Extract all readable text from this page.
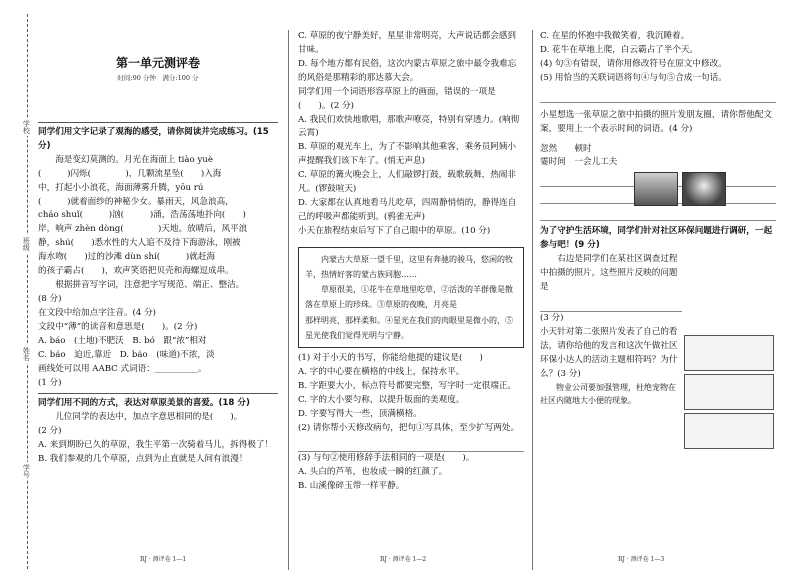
学校
班级
姓名
学号
第一单元测评卷
时间:90 分钟　满分:100 分
同学们用文字记录了观海的感受，请你阅读并完成练习。(15 分)

海是变幻莫测的。月光在海面上 tiào yuè

(　　　)闪烁(　　　　)，几颗流星坠(　　)入海

中，打起小小浪花，海面薄雾升腾，yōu rú

(　　　)就着面纱的神秘少女。暴雨天，风急浪高，

cháo shuǐ(　　　)汹(　　　)涌，浩荡荡地扑向(　　)

岸，响声 zhèn dòng(　　　　)天地。放晴后，风平浪

静，shú(　　)悉水性的大人追不及待下海游泳，刚被

海水吻(　　)过的沙滩 dùn shí(　　　)就赶海

的孩子霸占(　　)，欢声笑语把贝壳和海螺逗成串。

根据拼音写字词，注意把字写规范、端正、整洁。

(8 分)

在文段中给加点字注音。(4 分)

文段中“薄”的读音和意思是(　　)。(2 分)

A. báo　(土地)不肥沃　B. bó　跟“浓”相对

C. báo　迫近,靠近　D. báo　(味道)不浓，淡

画线处可以用 AABC 式词语：__________。

(1 分)

同学们用不同的方式，表达对草原美景的喜爱。(18 分)

儿位同学的表达中，加点字意思相同的是(　　)。

(2 分)

A. 来到期盼已久的草原，我生平第一次骑着马儿，拆得极了！

B. 我们参观的几个草原，点到为止直就是人间有浪漫！

RJ · 测评卷 1—1

C. 草原的夜宁静美好，星星非常明亮，大声说话都会感到甘味。

D. 每个地方都有民俗，这次内蒙古草原之旅中最令我难忘的风俗是那精彩的那达慕大会。

同学们用一个词语形容草原上的画面，错误的一项是(　　)。(2 分)

A. 我民们欢快地歌唱，那歌声嘹亮，特别有穿透力。(响彻云霄)

B. 草原的观光车上，为了不影响其他乘客，乘务员阿姨小声提醒我们该下车了。(悄无声息)

C. 草原的篝火晚会上，人们敲锣打鼓，载歌载舞，热闹非凡。(锣鼓喧天)

D. 大家都在认真地看马儿吃草，四周静悄悄的，静得连自己的呼吸声都能听到。(鸦雀无声)

小天在旅程结束后写下了自己眼中的草原。(10 分)

内蒙古大草原一望千里，这里有奔驰的骏马，悠闲的牧羊，热情好客的蒙古族同胞……

草原很美，①花牛在草地里吃草，②活泼的羊群像是散落在草原上的珍珠。③草原的夜晚，月亮是

那样明亮，那样柔和。④星光在我们的肉眼里是微小的，⑤星光使我们觉得光明与宁静。

(1) 对于小天的书写，你能给他提的建议是(　　)

A. 字的中心要在横格的中线上，保持水平。

B. 字距要大小，标点符号都要完整，写字时一定很端正。

C. 字的大小要匀称，以提升版面的美观度。

D. 字要写得大一些，顶满横格。

(2) 请你帮小天修改病句，把句①写具体，至少扩写两处。

(3) 与句②使用修辞手法相同的一项是(　　)。

A. 头白的芦苇，也妆成一瞬的红颜了。

B. 山溪像碎玉带一样平静。

RJ · 测评卷 1—2

C. 在星的怀抱中我微笑着，我沉睡着。

D. 花牛在草地上爬，白云霸占了半个天。

(4) 句③有错误，请你用修改符号在原文中修改。

(5) 用恰当的关联词语将句④与句⑤合成一句话。

小星想选一张草原之旅中拍摄的照片发朋友圈，请你帮他配文案，要用上一个表示时间的词语。(4 分)

忽然　　顿时

霎时间　一会儿工夫

为了守护生活环境，同学们针对社区环保问题进行调研，一起参与吧！(9 分)

右边是同学们在某社区调查过程中拍摄的照片，这些照片反映的问题是

(3 分)

小天针对第二张照片发表了自己的看法，请你给他的发言和这次午做社区环保小达人的活动主题相符吗？为什么？(3 分)

物业公司要加强管理，杜绝宠物在社区内随地大小便的现象。

RJ · 测评卷 1—3
